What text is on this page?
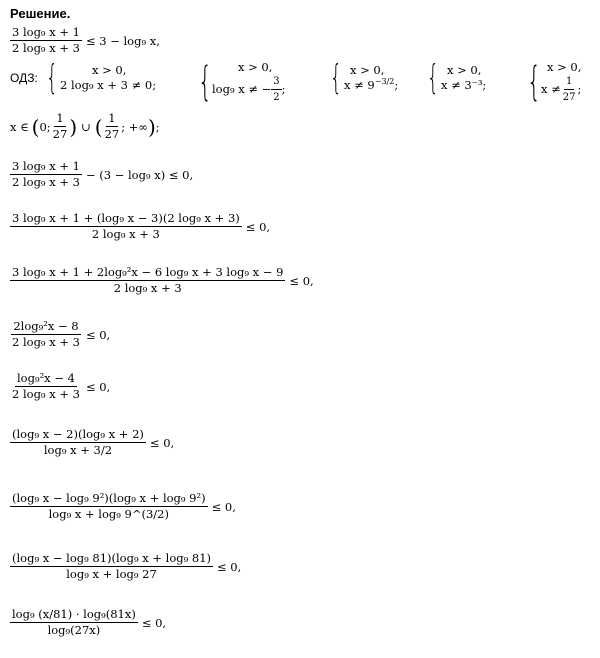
Решение.
$\frac{\text{3 log₉ x + 1}}{\text{2 log₉ x + 3}} \le 3 - \log_9$ x,
ОДЗ: {	x > 0,
2 log₉ x + 3 ≠ 0; {	x > 0,
log₉ x ≠ − $\frac{3}{2}$ ; { x > 0,
$x \ne 9^{-3/2}$; { x > 0,
x ≠ 3⁻³; { x > 0,
$x \ne \frac{1}{27}$ ;
x ∈ ( 0; $\frac{1}{27}$ ) ∪ ( $\frac{1}{27}$ ; +∞ ) ;
$\frac{\text{3 log₉ x + 1}}{\text{2 log₉ x + 3}} - (3 - \log_9$ x) ≤ 0,
$\frac{\text{3 log₉ x + 1 + (log₉ x − 3)(2 log₉ x + 3)}}{\text{2 log₉ x + 3}} \le 0$,
$\frac{\text{3 log₉ x + 1 + 2log₉²x − 6 log₉ x + 3 log₉ x − 9}}{\text{2 log₉ x + 3}} \le 0$,
$\frac{\text{2log₉²x − 8}}{\text{2 log₉ x + 3}} \le 0$,
$\frac{\text{log₉²x − 4}}{\text{2 log₉ x + 3}} \le 0$,
$\frac{\text{(log₉ x − 2)(log₉ x + 2)}}{\text{log₉ x + 3/2}} \le 0$,
$\frac{\text{(log₉ x − log₉ 9²)(log₉ x + log₉ 9²)}}{\text{log₉ x + log₉ 9\textasciicircum{}(3/2)}} \le 0$,
$\frac{\text{(log₉ x − log₉ 81)(log₉ x + log₉ 81)}}{\text{log₉ x + log₉ 27}} \le 0$,
$\frac{\text{log₉ (x/81) · log₉(81x)}}{\text{log₉(27x)}} \le 0$,
